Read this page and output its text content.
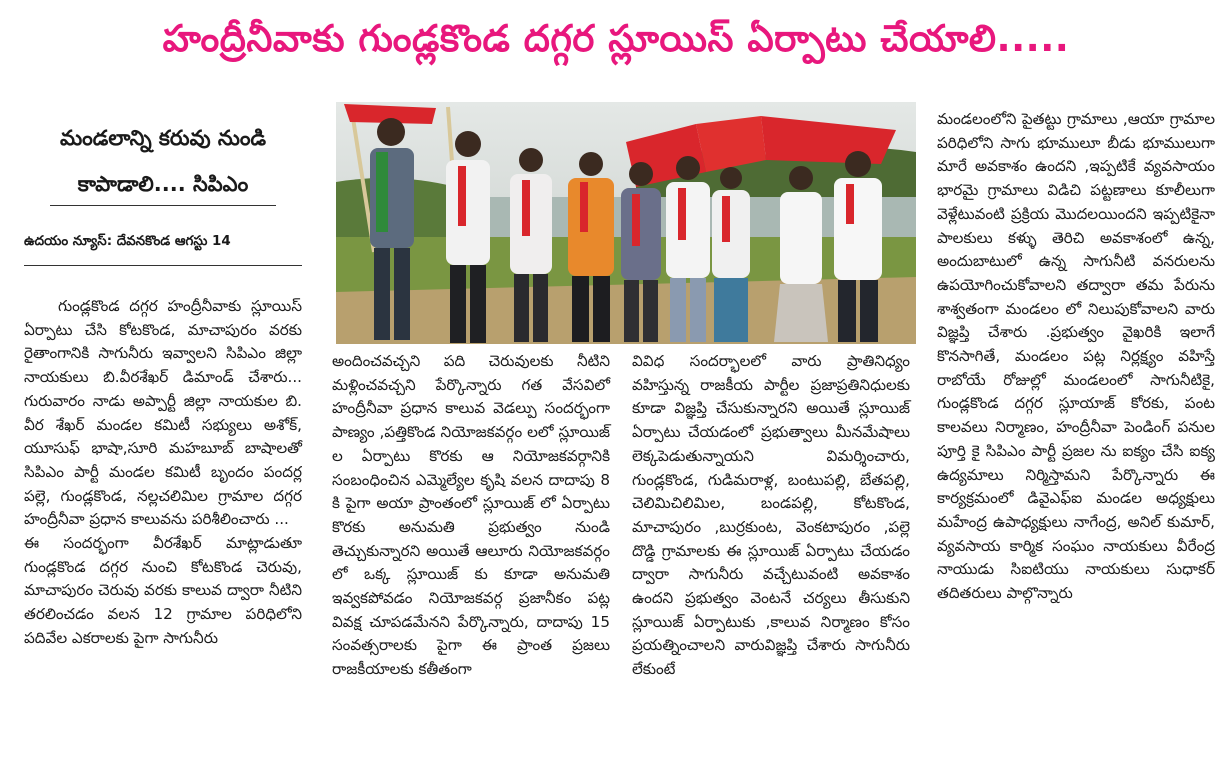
హంద్రీనీవాకు గుండ్లకొండ దగ్గర స్లూయిస్ ఏర్పాటు చేయాలి.....
మండలాన్ని కరువు నుండి
కాపాడాలి.... సిపిఎం
ఉదయం న్యూస్: దేవనకొండ ఆగస్టు 14

గుండ్లకొండ దగ్గర హంద్రీనీవాకు స్లూయిస్ ఏర్పాటు చేసి కోటకొండ, మాచాపురం వరకు రైతాంగానికి సాగునీరు ఇవ్వాలని సిపిఎం జిల్లా నాయకులు బి.వీరశేఖర్ డిమాండ్ చేశారు... గురువారం నాడు అప్పార్టీ జిల్లా నాయకుల బి. వీర శేఖర్ మండల కమిటీ సభ్యులు అశోక్, యూసుఫ్ భాషా,సూరి మహబూబ్ బాషాలతో సిపిఎం పార్టీ మండల కమిటీ బృందం పందర్ల పల్లె, గుండ్లకొండ, నల్లచలిమిల గ్రామాల దగ్గర హంద్రీనీవా ప్రధాన కాలువను పరిశీలించారు ...

ఈ సందర్భంగా వీరశేఖర్ మాట్లాడుతూ గుండ్లకొండ దగ్గర నుంచి కోటకొండ చెరువు, మాచాపురం చెరువు వరకు కాలువ ద్వారా నీటిని తరలించడం వలన 12 గ్రామాల పరిధిలోని పదివేల ఎకరాలకు పైగా సాగునీరు

అందించవచ్చని పది చెరువులకు నీటిని మళ్లించవచ్చని పేర్కొన్నారు గత వేసవిలో హంద్రీనీవా ప్రధాన కాలువ వెడల్పు సందర్భంగా పాణ్యం ,పత్తికొండ నియోజకవర్గం లలో స్లూయిజ్ ల ఏర్పాటు కొరకు ఆ నియోజకవర్గానికి సంబంధించిన ఎమ్మెల్యేల కృషి వలన దాదాపు 8 కి పైగా అయా ప్రాంతంలో స్లూయిజ్ లో ఏర్పాటు కొరకు అనుమతి ప్రభుత్వం నుండి తెచ్చుకున్నారని అయితే ఆలూరు నియోజకవర్గం లో ఒక్క స్లూయిజ్ కు కూడా అనుమతి ఇవ్వకపోవడం నియోజకవర్గ ప్రజానీకం పట్ల వివక్ష చూపడమేనని పేర్కొన్నారు, దాదాపు 15 సంవత్సరాలకు పైగా ఈ ప్రాంత ప్రజలు రాజకీయాలకు కతీతంగా

వివిధ సందర్భాలలో వారు ప్రాతినిధ్యం వహిస్తున్న రాజకీయ పార్టీల ప్రజాప్రతినిధులకు కూడా విజ్ఞప్తి చేసుకున్నారని అయితే స్లూయిజ్ ఏర్పాటు చేయడంలో ప్రభుత్వాలు మీనమేషాలు లెక్కపెడుతున్నాయని విమర్శించారు, గుండ్లకొండ, గుడిమరాళ్ల, బంటుపల్లి, బేతపల్లి, చెలిమిచిలిమిల, బండపల్లి, కోటకొండ, మాచాపురం ,బుర్రకుంట, వెంకటాపురం ,పల్లె దొడ్డి గ్రామాలకు ఈ స్లూయిజ్ ఏర్పాటు చేయడం ద్వారా సాగునీరు వచ్చేటువంటి అవకాశం ఉందని ప్రభుత్వం వెంటనే చర్యలు తీసుకుని స్లూయిజ్ ఏర్పాటుకు ,కాలువ నిర్మాణం కోసం ప్రయత్నించాలని వారువిజ్ఞప్తి చేశారు సాగునీరు లేకుంటే

మండలంలోని పైతట్టు గ్రామాలు ,ఆయా గ్రామాల పరిధిలోని సాగు భూములూ బీడు భూములుగా మారే అవకాశం ఉందని ,ఇప్పటికే వ్యవసాయం భారమై గ్రామాలు విడిచి పట్టణాలు కూలీలుగా వెళ్లేటువంటి ప్రక్రియ మొదలయిందని ఇప్పటికైనా పాలకులు కళ్ళు తెరిచి అవకాశంలో ఉన్న, అందుబాటులో ఉన్న సాగునీటి వనరులను ఉపయోగించుకోవాలని తద్వారా తమ పేరును శాశ్వతంగా మండలం లో నిలుపుకోవాలని వారు విజ్ఞప్తి చేశారు .ప్రభుత్వం వైఖరికి ఇలాగే కొనసాగితే, మండలం పట్ల నిర్లక్ష్యం వహిస్తే రాబోయే రోజుల్లో మండలంలో సాగునీటికై, గుండ్లకొండ దగ్గర స్లూయాజ్ కోరకు, పంట కాలవలు నిర్మాణం, హంద్రీనీవా పెండింగ్ పనుల పూర్తి కై సిపిఎం పార్టీ ప్రజల ను ఐక్యం చేసి ఐక్య ఉద్యమాలు నిర్మిస్తామని పేర్కొన్నారు ఈ కార్యక్రమంలో డివైఎఫ్ఐ మండల అధ్యక్షులు మహేంద్ర ఉపాధ్యక్షులు నాగేంద్ర, అనిల్ కుమార్, వ్యవసాయ కార్మిక సంఘం నాయకులు వీరేంద్ర నాయుడు సిఐటియు నాయకులు సుధాకర్ తదితరులు పాల్గొన్నారు
